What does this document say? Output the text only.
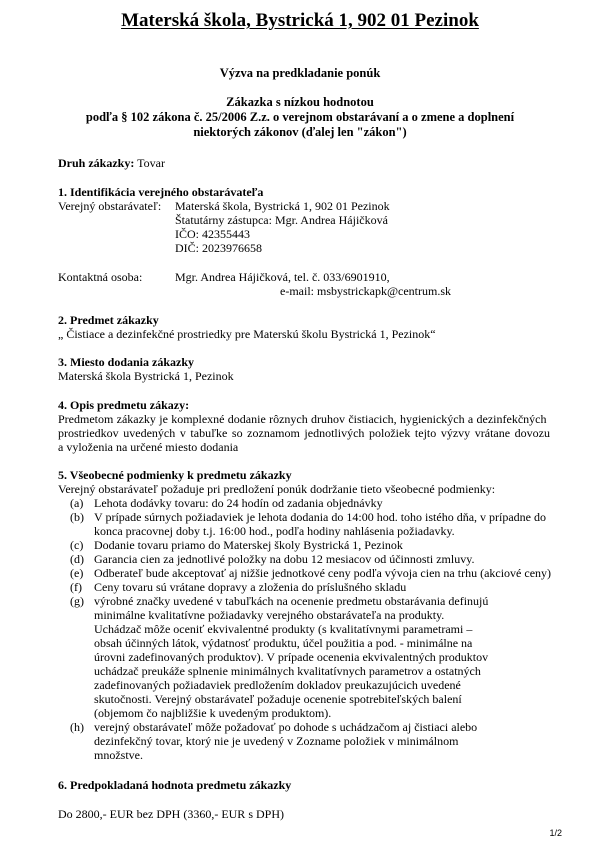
Materská škola, Bystrická 1, 902 01 Pezinok
Výzva na predkladanie ponúk
Zákazka s nízkou hodnotou
podľa § 102 zákona č. 25/2006 Z.z. o verejnom obstarávaní a o zmene a doplnení
niektorých zákonov (ďalej len "zákon")
Druh zákazky: Tovar
1. Identifikácia verejného obstarávateľa
Verejný obstarávateľ: Materská škola, Bystrická 1, 902 01 Pezinok
Štatutárny zástupca: Mgr. Andrea Hájičková
IČO: 42355443
DIČ: 2023976658
Kontaktná osoba:	Mgr. Andrea Hájičková, tel. č. 033/6901910,
e-mail: msbystrickapk@centrum.sk
2. Predmet zákazky
„ Čistiace a dezinfekčné prostriedky pre Materskú školu Bystrická 1, Pezinok“
3. Miesto dodania zákazky
Materská škola Bystrická 1, Pezinok
4. Opis predmetu zákazy:
Predmetom zákazky je komplexné dodanie rôznych druhov čistiacich, hygienických a dezinfekčných
prostriedkov uvedených v tabuľke so zoznamom jednotlivých položiek tejto výzvy vrátane dovozu
a vyloženia na určené miesto dodania
5. Všeobecné podmienky k predmetu zákazky
Verejný obstarávateľ požaduje pri predložení ponúk dodržanie tieto všeobecné podmienky:
(a) Lehota dodávky tovaru: do 24 hodín od zadania objednávky
(b) V prípade súrnych požiadaviek je lehota dodania do 14:00 hod. toho istého dňa, v prípadne do
konca pracovnej doby t.j. 16:00 hod., podľa hodiny nahlásenia požiadavky.
(c) Dodanie tovaru priamo do Materskej školy Bystrická 1, Pezinok
(d) Garancia cien za jednotlivé položky na dobu 12 mesiacov od účinnosti zmluvy.
(e) Odberateľ bude akceptovať aj nižšie jednotkové ceny podľa vývoja cien na trhu (akciové ceny)
(f) Ceny tovaru sú vrátane dopravy a zloženia do príslušného skladu
(g) výrobné značky uvedené v tabuľkách na ocenenie predmetu obstarávania definujú
minimálne kvalitatívne požiadavky verejného obstarávateľa na produkty.
Uchádzač môže oceniť ekvivalentné produkty (s kvalitatívnymi parametrami –
obsah účinných látok, výdatnosť produktu, účel použitia a pod. - minimálne na
úrovni zadefinovaných produktov). V prípade ocenenia ekvivalentných produktov
uchádzač preukáže splnenie minimálnych kvalitatívnych parametrov a ostatných
zadefinovaných požiadaviek predložením dokladov preukazujúcich uvedené
skutočnosti. Verejný obstarávateľ požaduje ocenenie spotrebiteľských balení
(objemom čo najbližšie k uvedeným produktom).
(h) verejný obstarávateľ môže požadovať po dohode s uchádzačom aj čistiaci alebo
dezinfekčný tovar, ktorý nie je uvedený v Zozname položiek v minimálnom
množstve.
6. Predpokladaná hodnota predmetu zákazky
Do 2800,- EUR bez DPH (3360,- EUR s DPH)
1/2
